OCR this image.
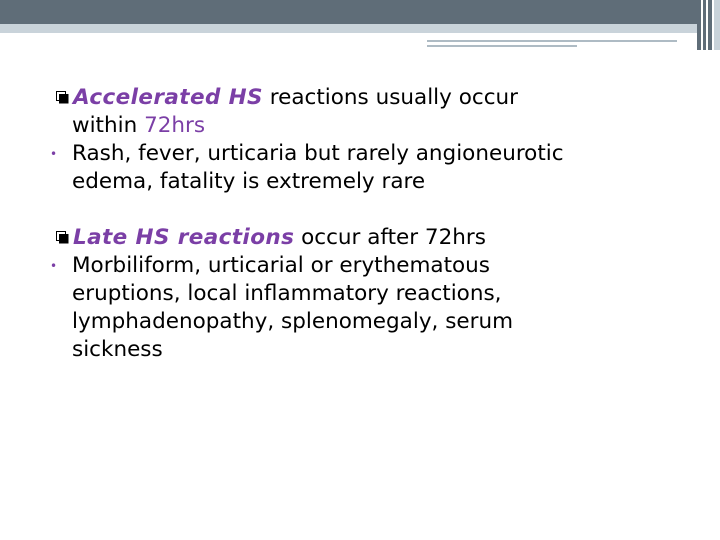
Accelerated HS reactions usually occur
within 72hrs
• Rash, fever, urticaria but rarely angioneurotic
edema, fatality is extremely rare
Late HS reactions occur after 72hrs
• Morbiliform, urticarial or erythematous
eruptions, local inflammatory reactions,
lymphadenopathy, splenomegaly, serum
sickness
